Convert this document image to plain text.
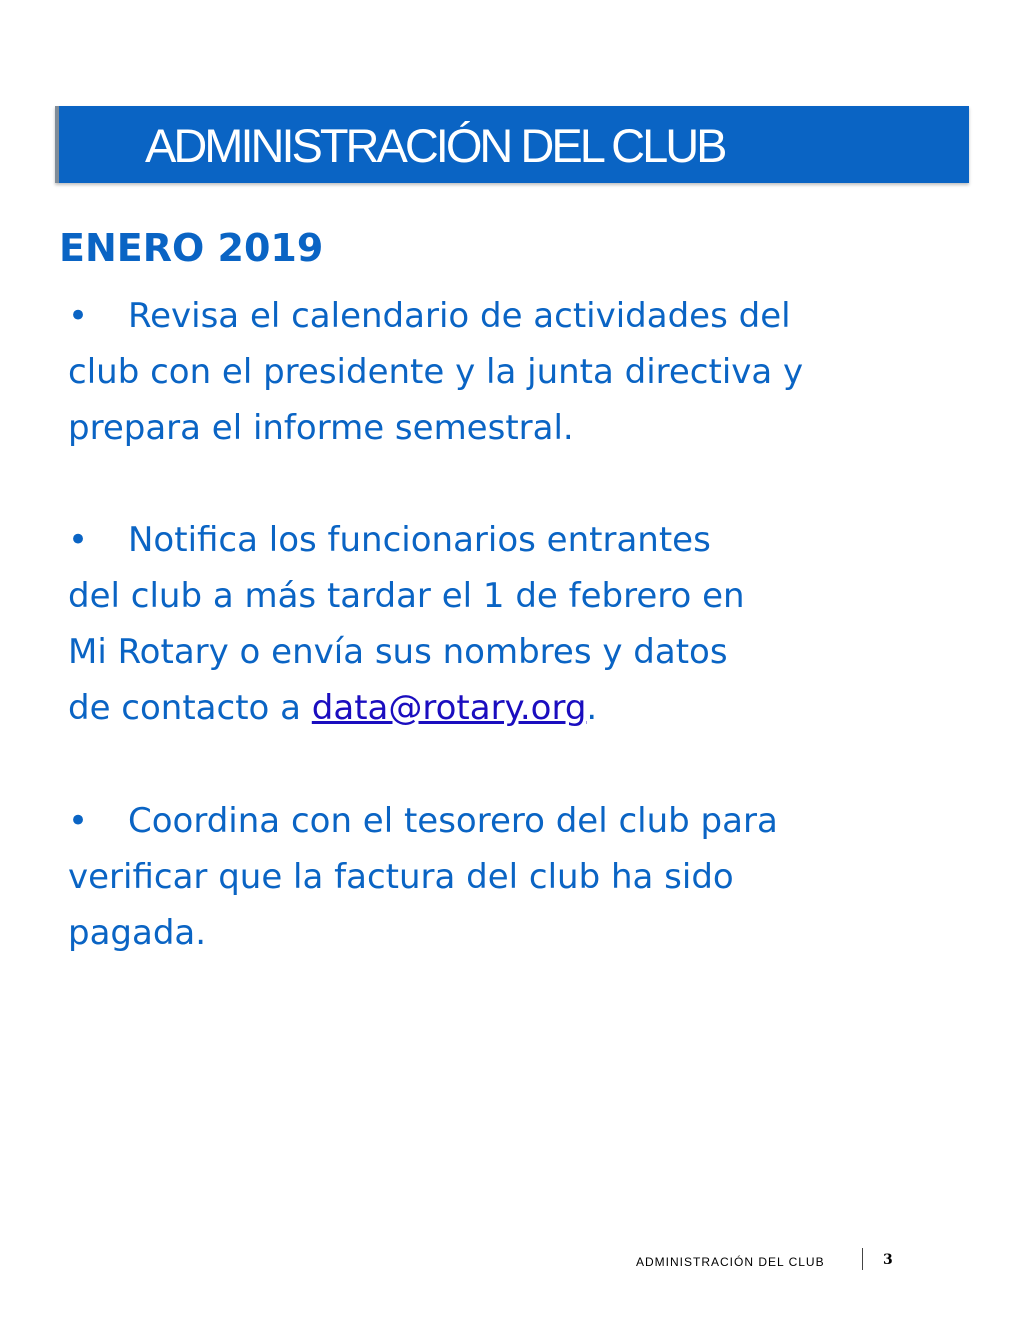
ADMINISTRACIÓN DEL CLUB
ENERO 2019
• Revisa el calendario de actividades del
club con el presidente y la junta directiva y
prepara el informe semestral.
• Notifica los funcionarios entrantes
del club a más tardar el 1 de febrero en
Mi Rotary o envía sus nombres y datos
de contacto a data@rotary.org.
• Coordina con el tesorero del club para
verificar que la factura del club ha sido
pagada.
ADMINISTRACIÓN DEL CLUB	3
